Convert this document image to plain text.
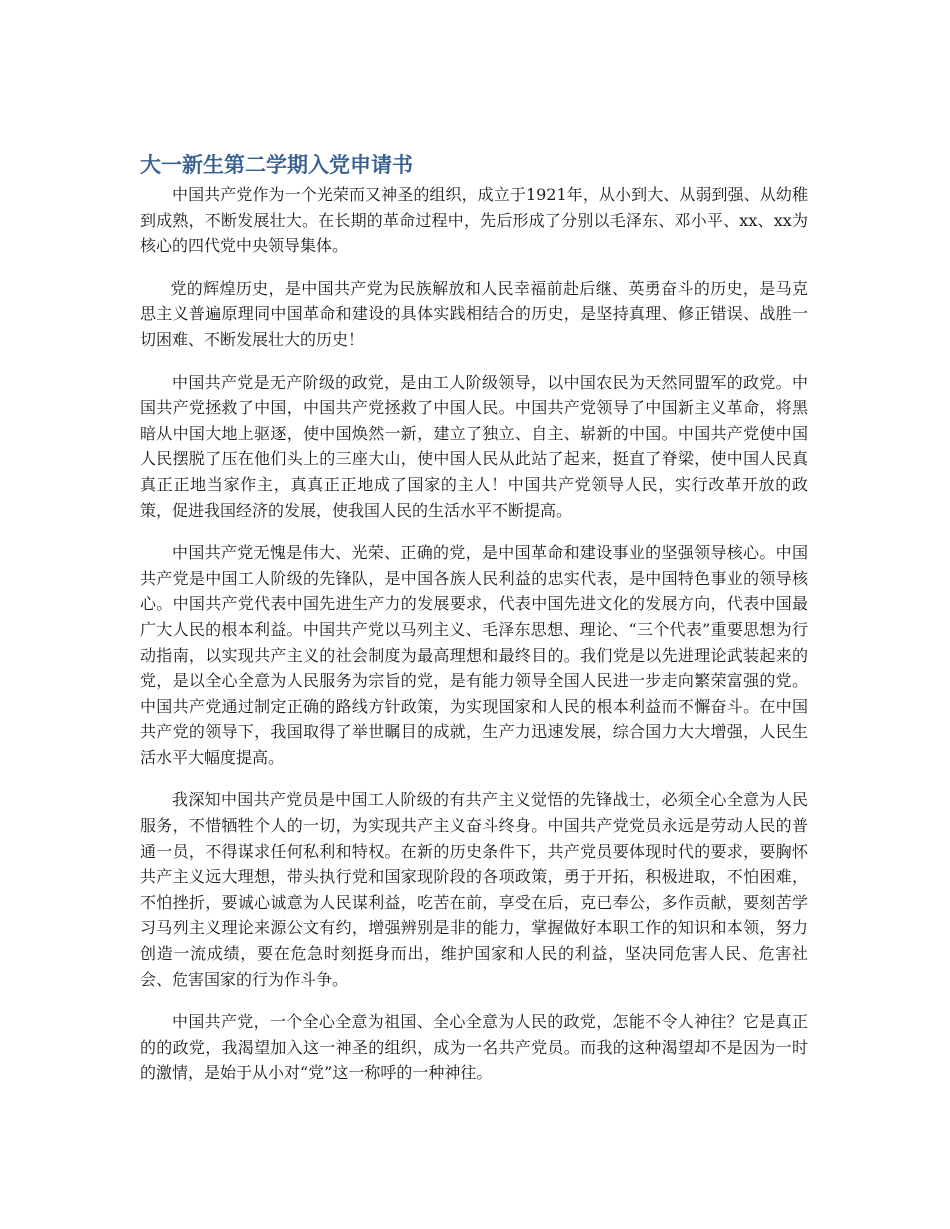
大一新生第二学期入党申请书

中国共产党作为一个光荣而又神圣的组织，成立于1921年，从小到大、从弱到强、从幼稚到成熟，不断发展壮大。在长期的革命过程中，先后形成了分别以毛泽东、邓小平、xx、xx为核心的四代党中央领导集体。

党的辉煌历史，是中国共产党为民族解放和人民幸福前赴后继、英勇奋斗的历史，是马克思主义普遍原理同中国革命和建设的具体实践相结合的历史，是坚持真理、修正错误、战胜一切困难、不断发展壮大的历史！

中国共产党是无产阶级的政党，是由工人阶级领导，以中国农民为天然同盟军的政党。中国共产党拯救了中国，中国共产党拯救了中国人民。中国共产党领导了中国新主义革命，将黑暗从中国大地上驱逐，使中国焕然一新，建立了独立、自主、崭新的中国。中国共产党使中国人民摆脱了压在他们头上的三座大山，使中国人民从此站了起来，挺直了脊梁，使中国人民真真正正地当家作主，真真正正地成了国家的主人！中国共产党领导人民，实行改革开放的政策，促进我国经济的发展，使我国人民的生活水平不断提高。

中国共产党无愧是伟大、光荣、正确的党，是中国革命和建设事业的坚强领导核心。中国共产党是中国工人阶级的先锋队，是中国各族人民利益的忠实代表，是中国特色事业的领导核心。中国共产党代表中国先进生产力的发展要求，代表中国先进文化的发展方向，代表中国最广大人民的根本利益。中国共产党以马列主义、毛泽东思想、理论、“三个代表”重要思想为行动指南，以实现共产主义的社会制度为最高理想和最终目的。我们党是以先进理论武装起来的党，是以全心全意为人民服务为宗旨的党，是有能力领导全国人民进一步走向繁荣富强的党。中国共产党通过制定正确的路线方针政策，为实现国家和人民的根本利益而不懈奋斗。在中国共产党的领导下，我国取得了举世瞩目的成就，生产力迅速发展，综合国力大大增强，人民生活水平大幅度提高。

我深知中国共产党员是中国工人阶级的有共产主义觉悟的先锋战士，必须全心全意为人民服务，不惜牺牲个人的一切，为实现共产主义奋斗终身。中国共产党党员永远是劳动人民的普通一员，不得谋求任何私利和特权。在新的历史条件下，共产党员要体现时代的要求，要胸怀共产主义远大理想，带头执行党和国家现阶段的各项政策，勇于开拓，积极进取，不怕困难，不怕挫折，要诚心诚意为人民谋利益，吃苦在前，享受在后，克已奉公，多作贡献，要刻苦学习马列主义理论来源公文有约，增强辨别是非的能力，掌握做好本职工作的知识和本领，努力创造一流成绩，要在危急时刻挺身而出，维护国家和人民的利益，坚决同危害人民、危害社会、危害国家的行为作斗争。

中国共产党，一个全心全意为祖国、全心全意为人民的政党，怎能不令人神往？它是真正的的政党，我渴望加入这一神圣的组织，成为一名共产党员。而我的这种渴望却不是因为一时的激情，是始于从小对“党”这一称呼的一种神往。
